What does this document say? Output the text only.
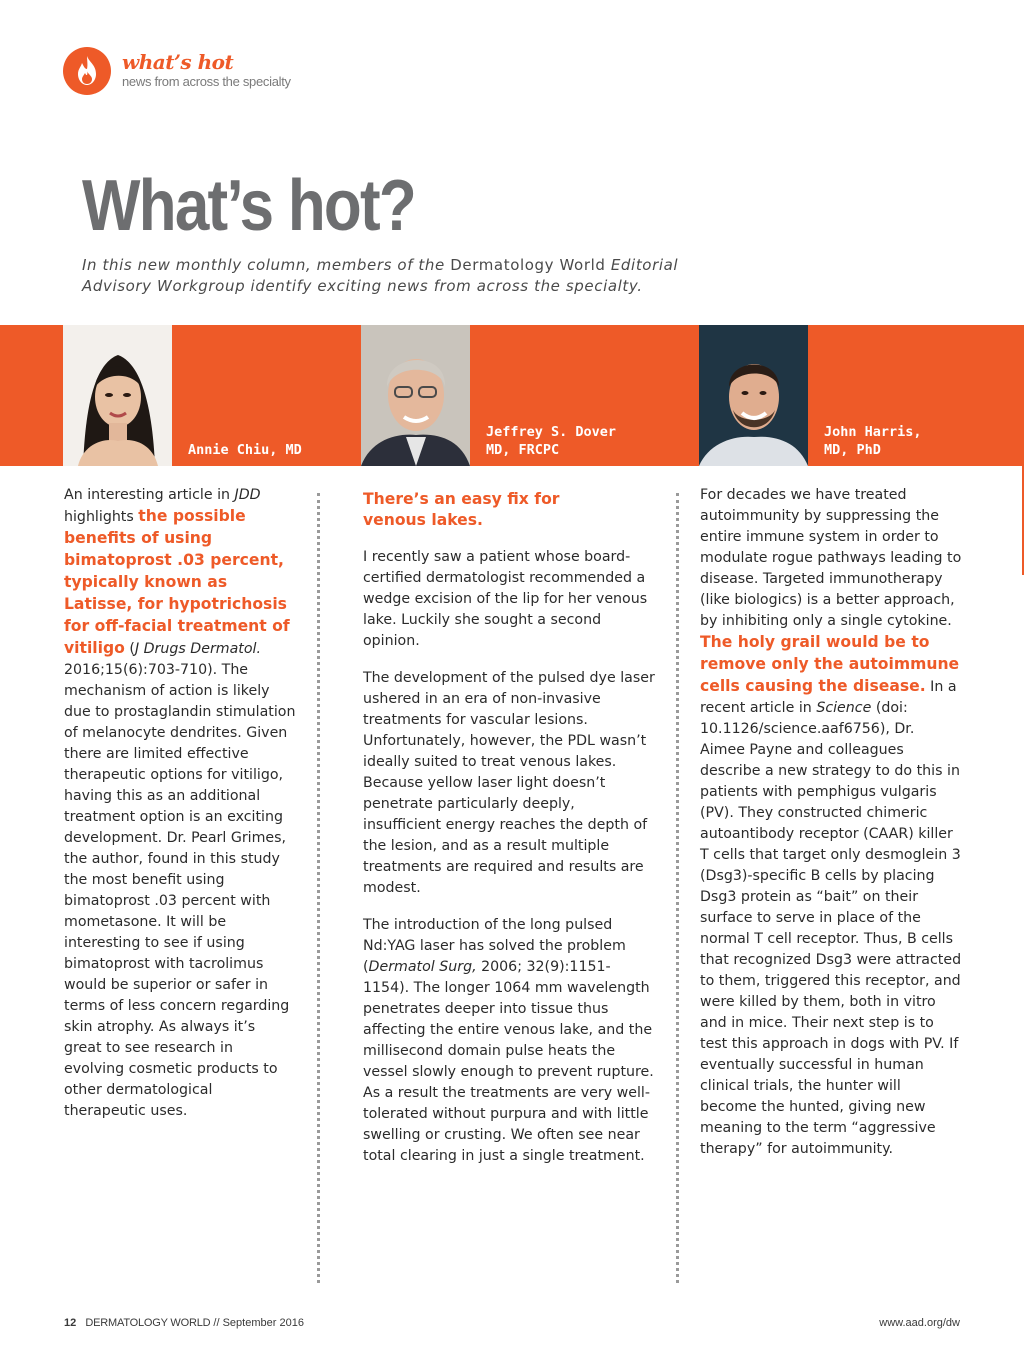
what’s hot
news from across the specialty
What’s hot?
In this new monthly column, members of the Dermatology World Editorial Advisory Workgroup identify exciting news from across the specialty.
Annie Chiu, MD
Jeffrey S. Dover
MD, FRCPC
John Harris,
MD, PhD

An interesting article in JDD highlights the possible benefits of using bimatoprost .03 percent, typically known as Latisse, for hypotrichosis for off-facial treatment of vitiligo (J Drugs Dermatol. 2016;15(6):703-710). The mechanism of action is likely due to prostaglandin stimulation of melanocyte dendrites. Given there are limited effective therapeutic options for vitiligo, having this as an additional treatment option is an exciting development. Dr. Pearl Grimes, the author, found in this study the most benefit using bimatoprost .03 percent with mometasone. It will be interesting to see if using bimatoprost with tacrolimus would be superior or safer in terms of less concern regarding skin atrophy. As always it’s great to see research in evolving cosmetic products to other dermatological therapeutic uses.

There’s an easy fix for venous lakes.

I recently saw a patient whose board-certified dermatologist recommended a wedge excision of the lip for her venous lake. Luckily she sought a second opinion.

The development of the pulsed dye laser ushered in an era of non-invasive treatments for vascular lesions. Unfortunately, however, the PDL wasn’t ideally suited to treat venous lakes. Because yellow laser light doesn’t penetrate particularly deeply, insufficient energy reaches the depth of the lesion, and as a result multiple treatments are required and results are modest.

The introduction of the long pulsed Nd:YAG laser has solved the problem (Dermatol Surg, 2006; 32(9):1151-1154). The longer 1064 mm wavelength penetrates deeper into tissue thus affecting the entire venous lake, and the millisecond domain pulse heats the vessel slowly enough to prevent rupture. As a result the treatments are very well-tolerated without purpura and with little swelling or crusting. We often see near total clearing in just a single treatment.

For decades we have treated autoimmunity by suppressing the entire immune system in order to modulate rogue pathways leading to disease. Targeted immunotherapy (like biologics) is a better approach, by inhibiting only a single cytokine. The holy grail would be to remove only the autoimmune cells causing the disease. In a recent article in Science (doi: 10.1126/science.aaf6756), Dr. Aimee Payne and colleagues describe a new strategy to do this in patients with pemphigus vulgaris (PV). They constructed chimeric autoantibody receptor (CAAR) killer T cells that target only desmoglein 3 (Dsg3)-specific B cells by placing Dsg3 protein as “bait” on their surface to serve in place of the normal T cell receptor. Thus, B cells that recognized Dsg3 were attracted to them, triggered this receptor, and were killed by them, both in vitro and in mice. Their next step is to test this approach in dogs with PV. If eventually successful in human clinical trials, the hunter will become the hunted, giving new meaning to the term “aggressive therapy” for autoimmunity.

12 DERMATOLOGY WORLD // September 2016	www.aad.org/dw
